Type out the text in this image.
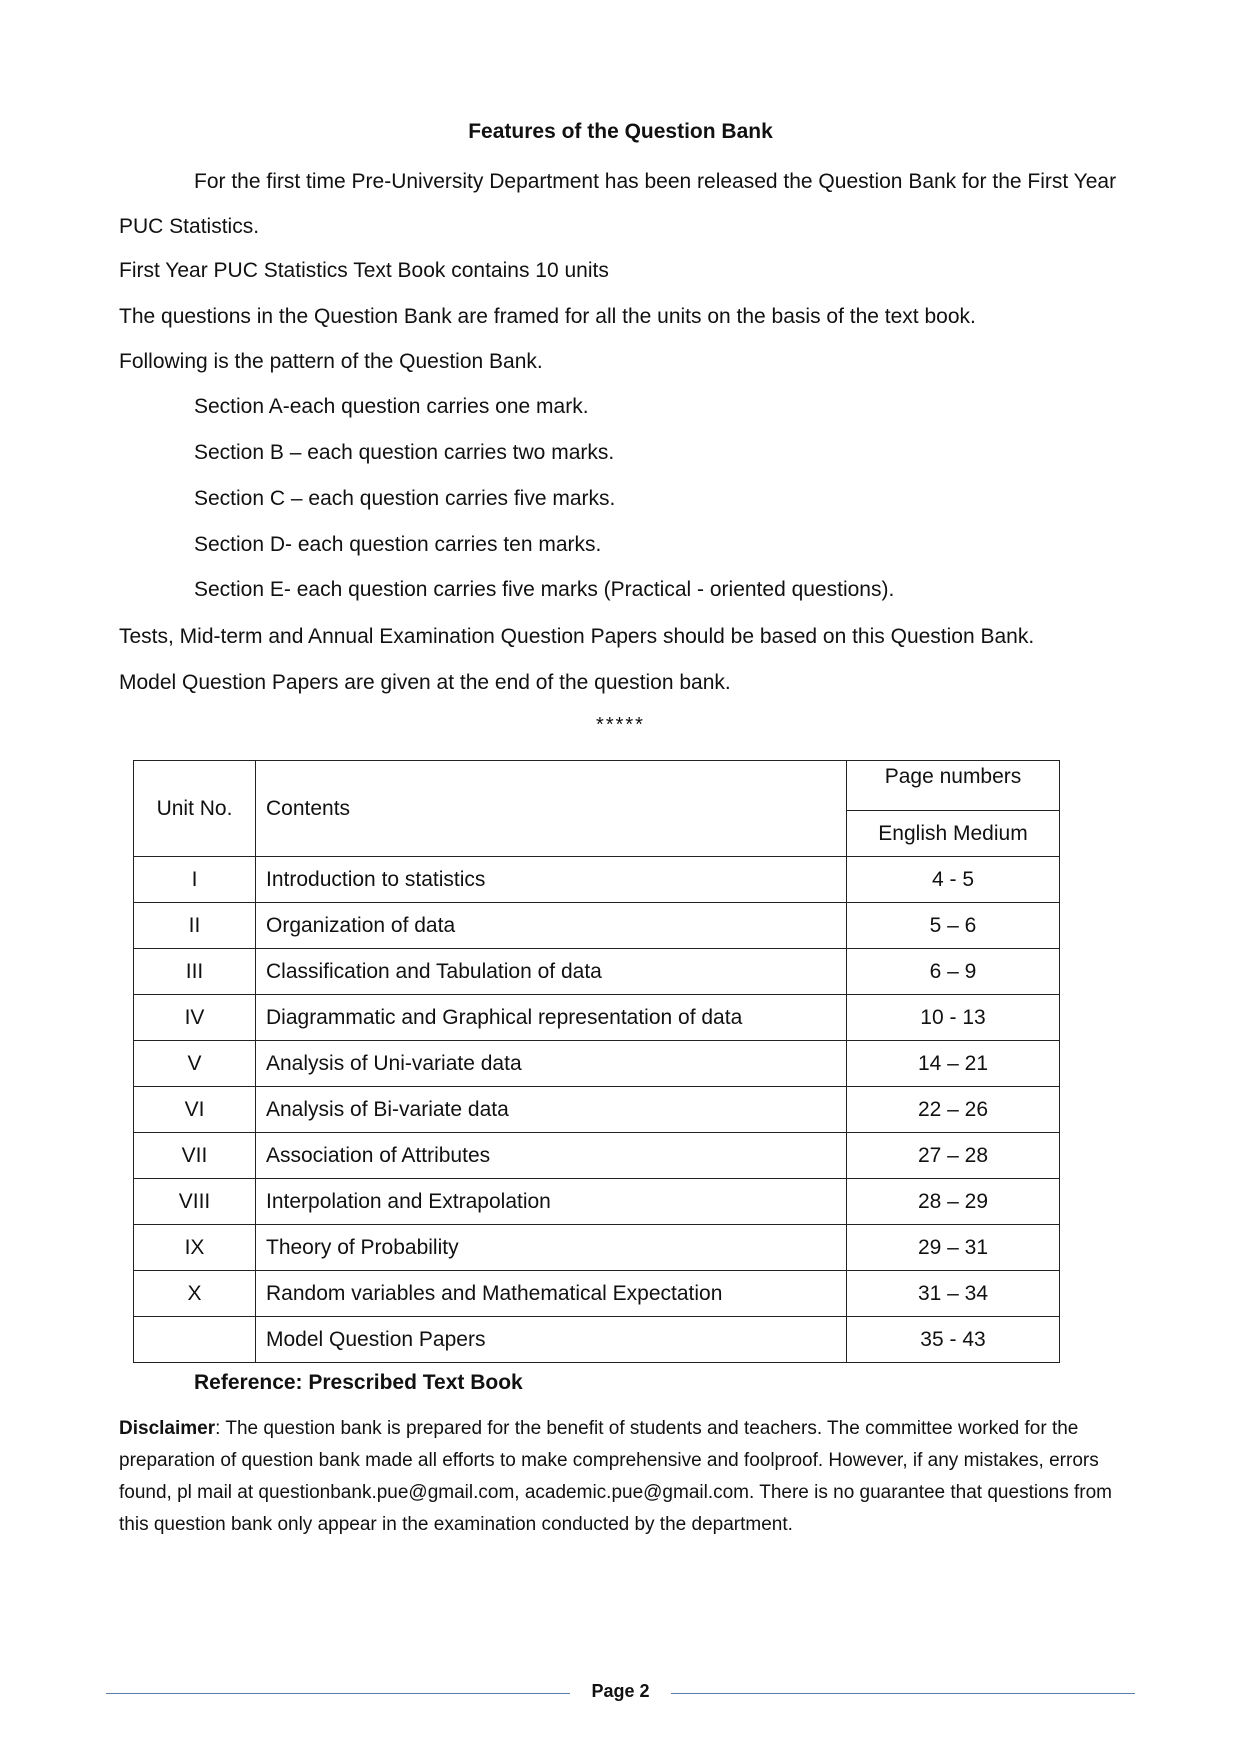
Features of the Question Bank

For the first time Pre-University Department has been released the Question Bank for the First Year PUC Statistics.

First Year PUC Statistics Text Book contains 10 units
The questions in the Question Bank are framed for all the units on the basis of the text book.
Following is the pattern of the Question Bank.
Section A-each question carries one mark.
Section B – each question carries two marks.
Section C – each question carries five marks.
Section D- each question carries ten marks.
Section E- each question carries five marks (Practical - oriented questions).
Tests, Mid-term and Annual Examination Question Papers should be based on this Question Bank.
Model Question Papers are given at the end of the question bank.
*****
Unit No.	Contents	Page numbers
		English Medium
I	Introduction to statistics	4 - 5
II	Organization of data	5 – 6
III	Classification and Tabulation of data	6 – 9
IV	Diagrammatic and Graphical representation of data	10 - 13
V	Analysis of Uni-variate data	14 – 21
VI	Analysis of Bi-variate data	22 – 26
VII	Association of Attributes	27 – 28
VIII	Interpolation and Extrapolation	28 – 29
IX	Theory of Probability	29 – 31
X	Random variables and Mathematical Expectation	31 – 34
	Model Question Papers	35 - 43
Reference: Prescribed Text Book

Disclaimer: The question bank is prepared for the benefit of students and teachers. The committee worked for the preparation of question bank made all efforts to make comprehensive and foolproof. However, if any mistakes, errors found, pl mail at questionbank.pue@gmail.com, academic.pue@gmail.com. There is no guarantee that questions from this question bank only appear in the examination conducted by the department.

Page 2
